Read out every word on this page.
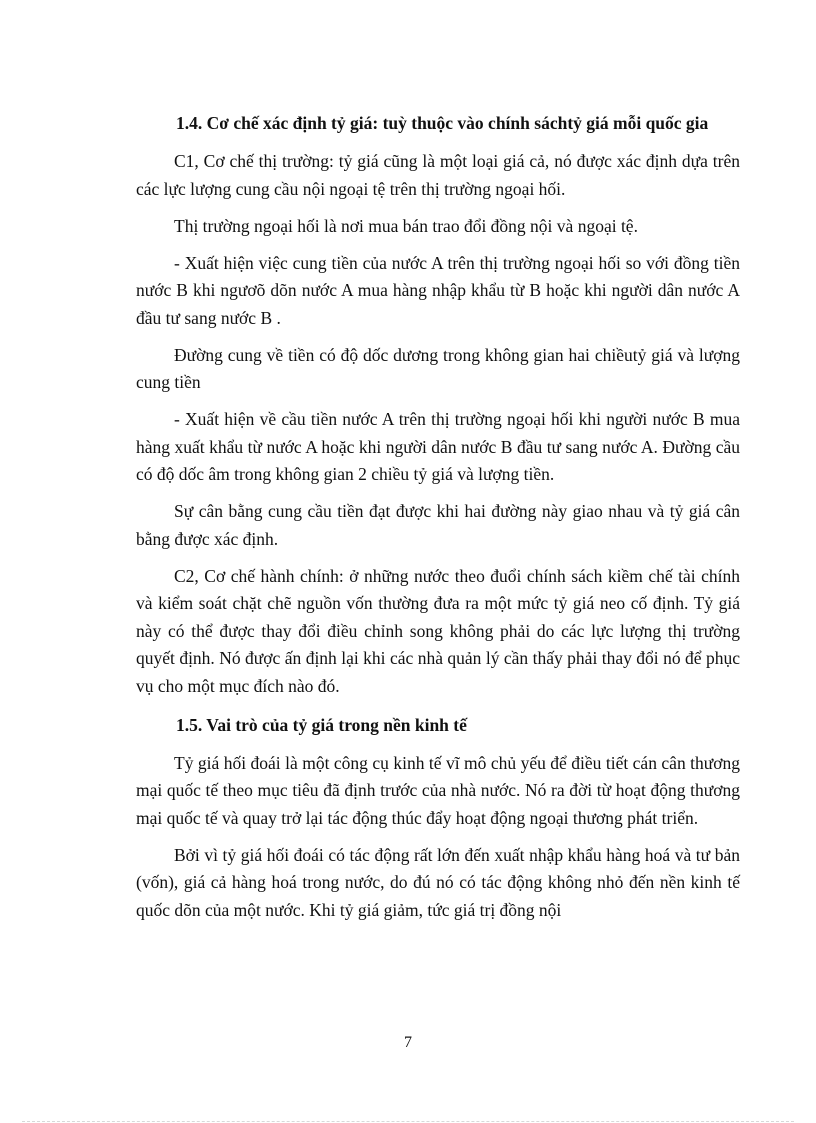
1.4. Cơ chế xác định tỷ giá: tuỳ thuộc vào chính sáchtỷ giá mỗi quốc gia
C1, Cơ chế thị trường: tỷ giá cũng là một loại giá cả, nó được xác định dựa trên các lực lượng cung cầu nội ngoại tệ trên thị trường ngoại hối.
Thị trường ngoại hối là nơi mua bán trao đổi đồng nội và ngoại tệ.
- Xuất hiện việc cung tiền của nước A trên thị trường ngoại hối so với đồng tiền nước B khi ngươõ dõn nước A mua hàng nhập khẩu từ B hoặc khi người dân nước A đầu tư sang nước B .
Đường cung về tiền có độ dốc dương trong không gian hai chiềutỷ giá và lượng cung tiền
- Xuất hiện về cầu tiền nước A trên thị trường ngoại hối khi người nước B mua hàng xuất khẩu từ nước A hoặc khi người dân nước B đầu tư sang nước A. Đường cầu có độ dốc âm trong không gian 2 chiều tỷ giá và lượng tiền.
Sự cân bằng cung cầu tiền đạt được khi hai đường này giao nhau và tỷ giá cân bằng được xác định.
C2, Cơ chế hành chính: ở những nước theo đuổi chính sách kiềm chế tài chính và kiểm soát chặt chẽ nguồn vốn thường đưa ra một mức tỷ giá neo cố định. Tỷ giá này có thể được thay đổi điều chỉnh song không phải do các lực lượng thị trường quyết định. Nó được ấn định lại khi các nhà quản lý cần thấy phải thay đổi nó để phục vụ cho một mục đích nào đó.
1.5. Vai trò của tỷ giá trong nền kinh tế
Tỷ giá hối đoái là một công cụ kinh tế vĩ mô chủ yếu để điều tiết cán cân thương mại quốc tế theo mục tiêu đã định trước của nhà nước. Nó ra đời từ hoạt động thương mại quốc tế và quay trở lại tác động thúc đẩy hoạt động ngoại thương phát triển.
Bởi vì tỷ giá hối đoái có tác động rất lớn đến xuất nhập khẩu hàng hoá và tư bản (vốn), giá cả hàng hoá trong nước, do đú nó có tác động không nhỏ đến nền kinh tế quốc dõn của một nước. Khi tỷ giá giảm, tức giá trị đồng nội
7
